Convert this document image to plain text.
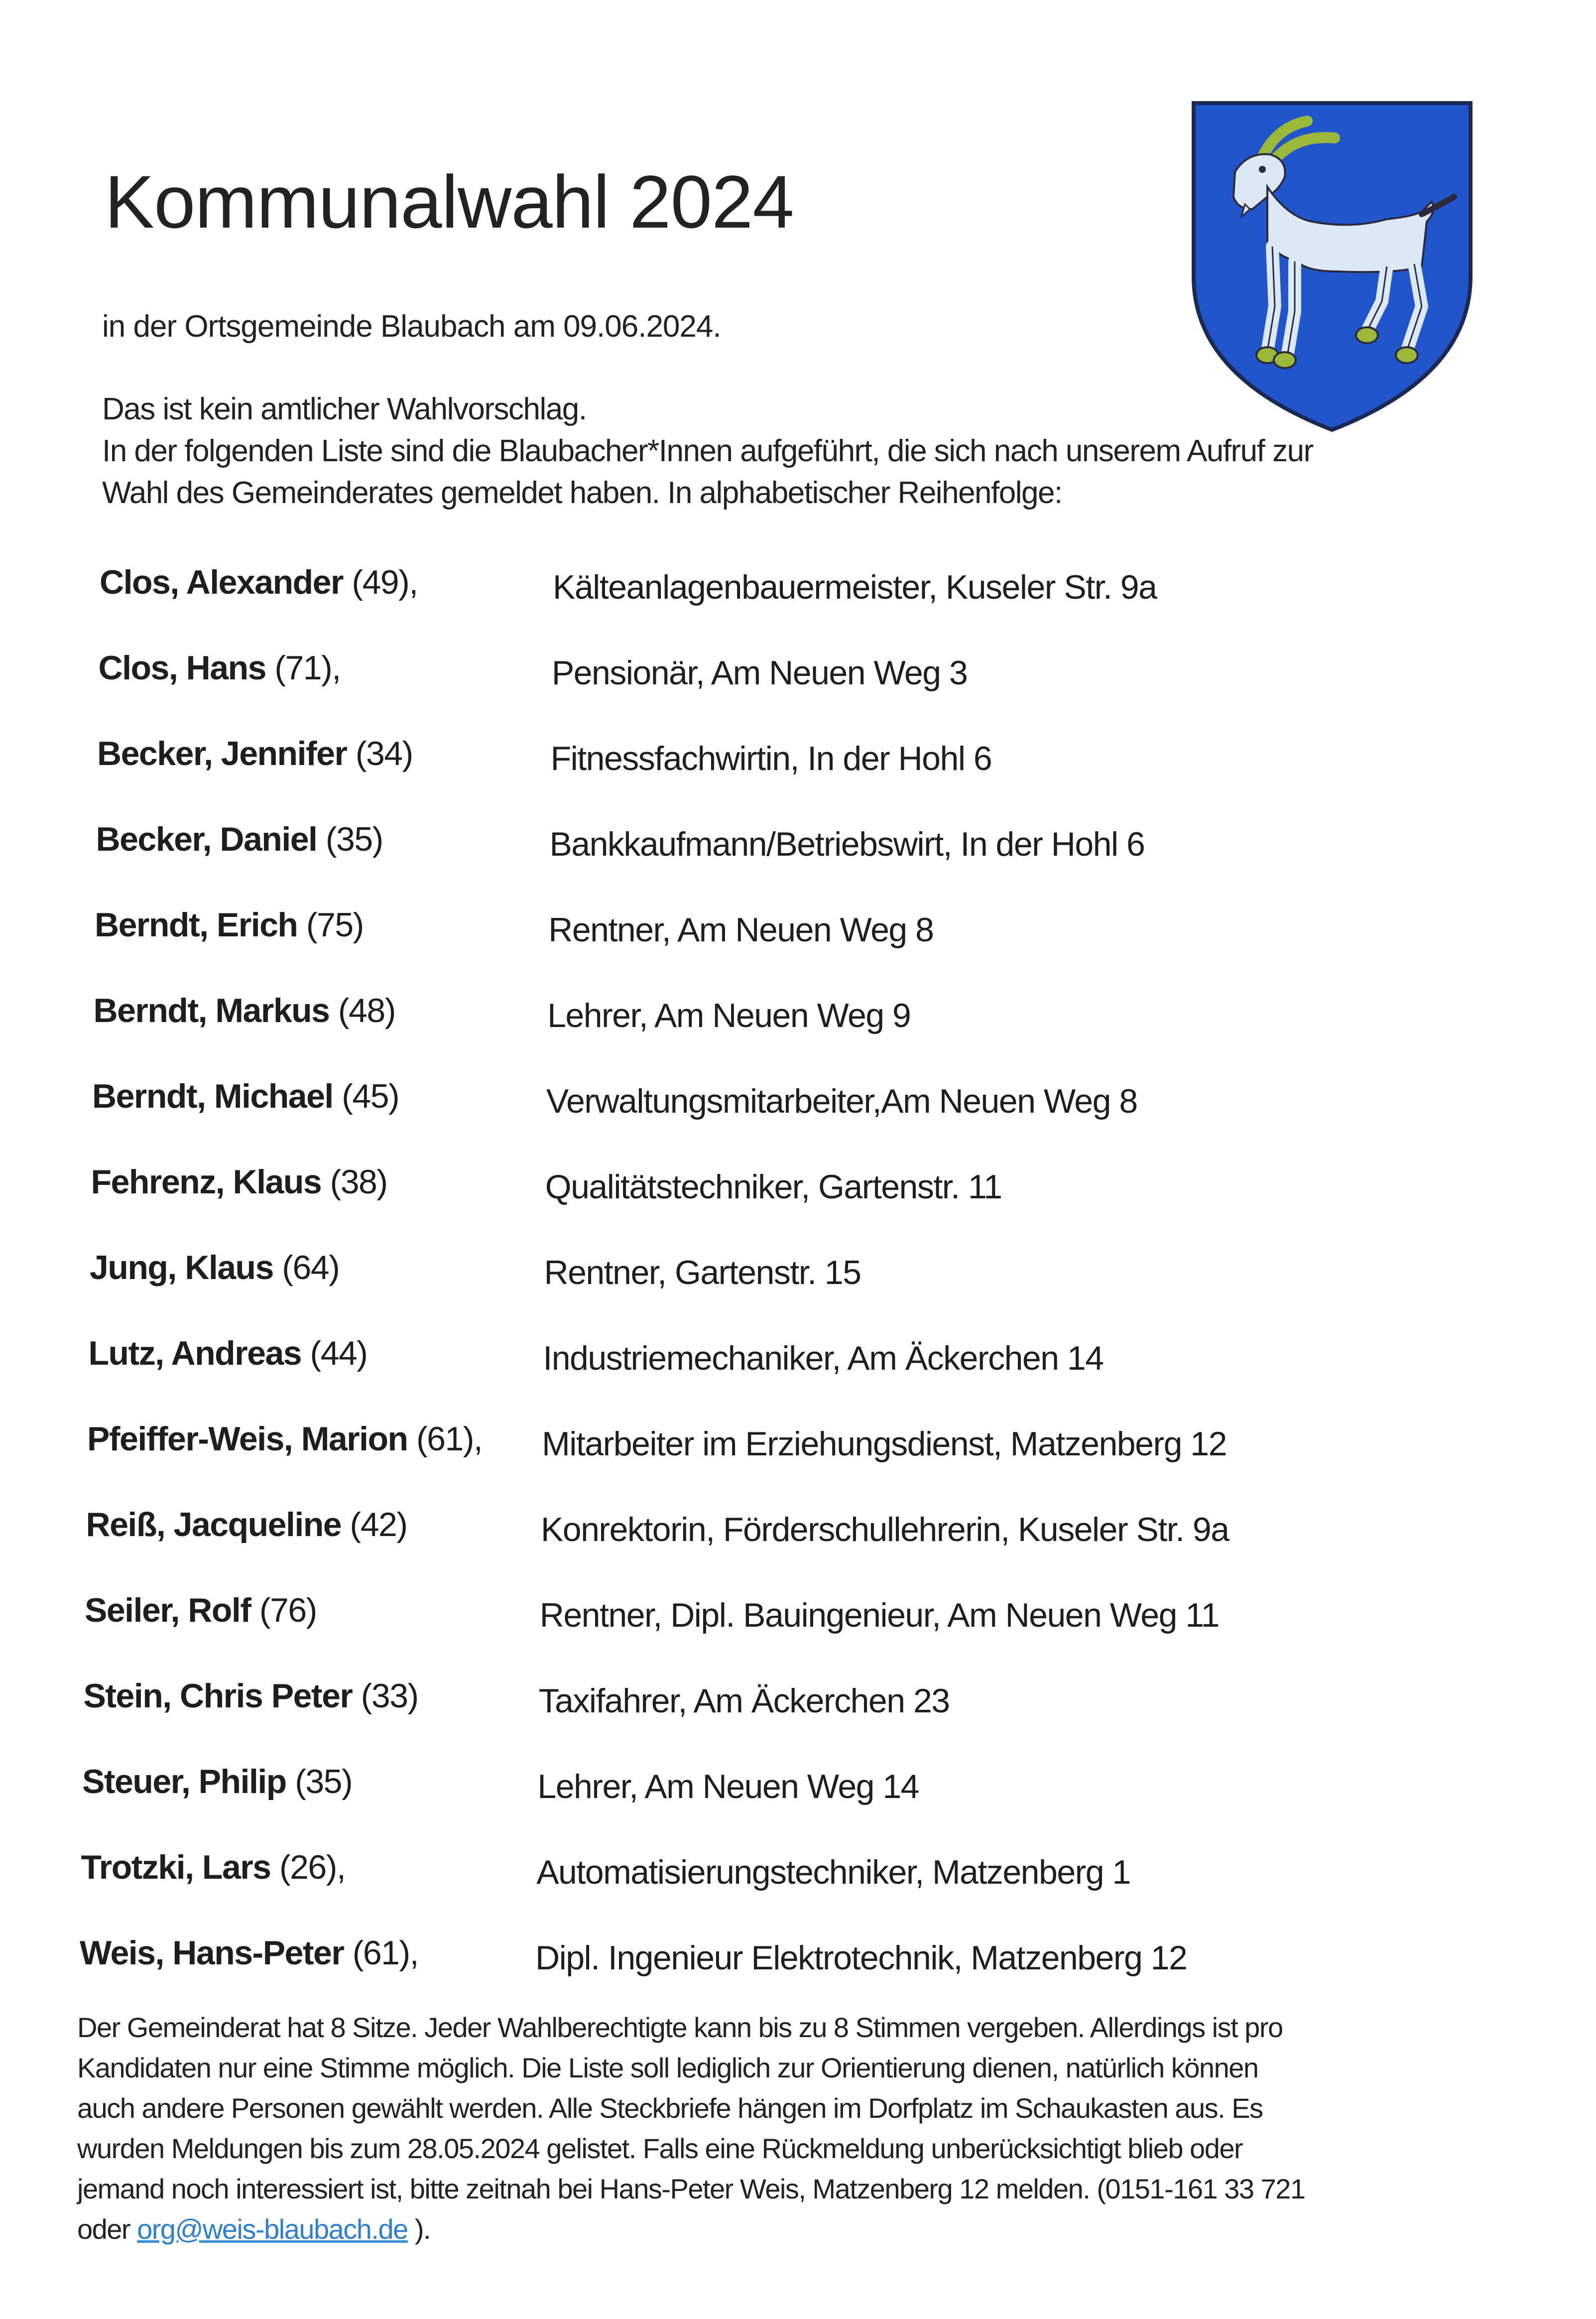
Kommunalwahl 2024

in der Ortsgemeinde Blaubach am 09.06.2024.

Das ist kein amtlicher Wahlvorschlag.
In der folgenden Liste sind die Blaubacher*Innen aufgeführt, die sich nach unserem Aufruf zur
Wahl des Gemeinderates gemeldet haben. In alphabetischer Reihenfolge:

Clos, Alexander (49),	Kälteanlagenbauermeister, Kuseler Str. 9a
Clos, Hans (71),	Pensionär, Am Neuen Weg 3
Becker, Jennifer (34)	Fitnessfachwirtin, In der Hohl 6
Becker, Daniel (35)	Bankkaufmann/Betriebswirt, In der Hohl 6
Berndt, Erich (75)	Rentner, Am Neuen Weg 8
Berndt, Markus (48)	Lehrer, Am Neuen Weg 9
Berndt, Michael (45)	Verwaltungsmitarbeiter,Am Neuen Weg 8
Fehrenz, Klaus (38)	Qualitätstechniker, Gartenstr. 11
Jung, Klaus (64)	Rentner, Gartenstr. 15
Lutz, Andreas (44)	Industriemechaniker, Am Äckerchen 14
Pfeiffer-Weis, Marion (61), Mitarbeiter im Erziehungsdienst, Matzenberg 12
Reiß, Jacqueline (42)	Konrektorin, Förderschullehrerin, Kuseler Str. 9a
Seiler, Rolf (76)	Rentner, Dipl. Bauingenieur, Am Neuen Weg 11
Stein, Chris Peter (33)	Taxifahrer, Am Äckerchen 23
Steuer, Philip (35)	Lehrer, Am Neuen Weg 14
Trotzki, Lars (26),	Automatisierungstechniker, Matzenberg 1
Weis, Hans-Peter (61),	Dipl. Ingenieur Elektrotechnik, Matzenberg 12

Der Gemeinderat hat 8 Sitze. Jeder Wahlberechtigte kann bis zu 8 Stimmen vergeben. Allerdings ist pro
Kandidaten nur eine Stimme möglich. Die Liste soll lediglich zur Orientierung dienen, natürlich können
auch andere Personen gewählt werden. Alle Steckbriefe hängen im Dorfplatz im Schaukasten aus. Es
wurden Meldungen bis zum 28.05.2024 gelistet. Falls eine Rückmeldung unberücksichtigt blieb oder
jemand noch interessiert ist, bitte zeitnah bei Hans-Peter Weis, Matzenberg 12 melden. (0151-161 33 721
oder org@weis-blaubach.de ).
